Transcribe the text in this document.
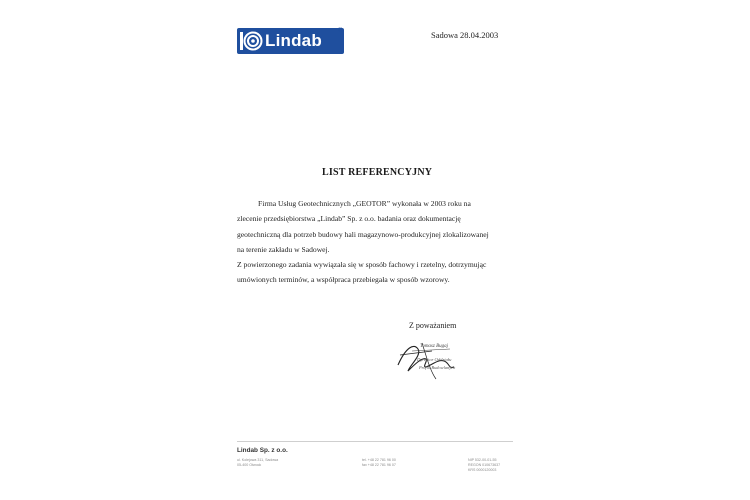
Lindab	®	Sadowa 28.04.2003
LIST REFERENCYJNY

Firma Usług Geotechnicznych „GEOTOR” wykonała w 2003 roku na
zlecenie przedsiębiorstwa „Lindab” Sp. z o.o. badania oraz dokumentację
geotechniczną dla potrzeb budowy hali magazynowo-produkcyjnej zlokalizowanej
na terenie zakładu w Sadowej.

Z powierzonego zadania wywiązała się w sposób fachowy i rzetelny, dotrzymując
umówionych terminów, a współpraca przebiegała w sposób wzorowy.

Z poważaniem
Tomasz Bugaj
Dyrektor Oddziału
Profili Budowlanych
Lindab Sp. z o.o.
ul. Kolejowa 311, Sadowa
05-400 Otwock
tel. +48 22 781 96 00
fax +48 22 781 96 07
NIP 532-00-01-55
REGON 010673637
KRS 0000120003
